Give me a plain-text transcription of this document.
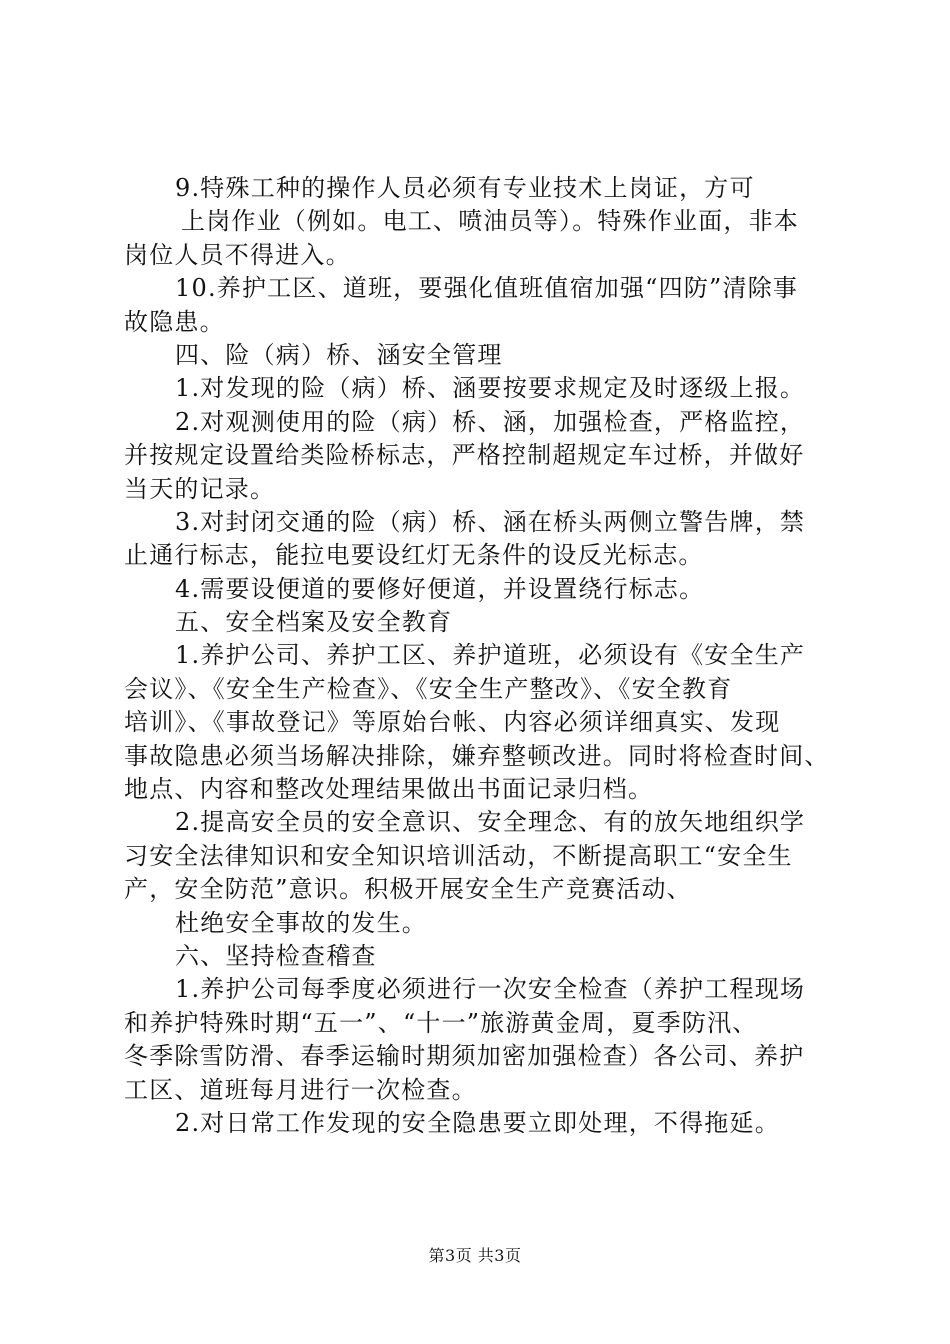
9.特殊工种的操作人员必须有专业技术上岗证，方可
上岗作业（例如。电工、喷油员等）。特殊作业面，非本
岗位人员不得进入。
10.养护工区、道班，要强化值班值宿加强“四防”清除事
故隐患。
四、险（病）桥、涵安全管理
1.对发现的险（病）桥、涵要按要求规定及时逐级上报。
2.对观测使用的险（病）桥、涵，加强检查，严格监控，
并按规定设置给类险桥标志，严格控制超规定车过桥，并做好
当天的记录。
3.对封闭交通的险（病）桥、涵在桥头两侧立警告牌，禁
止通行标志，能拉电要设红灯无条件的设反光标志。
4.需要设便道的要修好便道，并设置绕行标志。
五、安全档案及安全教育
1.养护公司、养护工区、养护道班，必须设有《安全生产
会议》、《安全生产检查》、《安全生产整改》、《安全教育
培训》、《事故登记》等原始台帐、内容必须详细真实、发现
事故隐患必须当场解决排除，嫌弃整顿改进。同时将检查时间、
地点、内容和整改处理结果做出书面记录归档。
2.提高安全员的安全意识、安全理念、有的放矢地组织学
习安全法律知识和安全知识培训活动，不断提高职工“安全生
产，安全防范”意识。积极开展安全生产竞赛活动、
杜绝安全事故的发生。
六、坚持检查稽查
1.养护公司每季度必须进行一次安全检查（养护工程现场
和养护特殊时期“五一”、“十一”旅游黄金周，夏季防汛、
冬季除雪防滑、春季运输时期须加密加强检查）各公司、养护
工区、道班每月进行一次检查。
2.对日常工作发现的安全隐患要立即处理，不得拖延。
第3页 共3页
